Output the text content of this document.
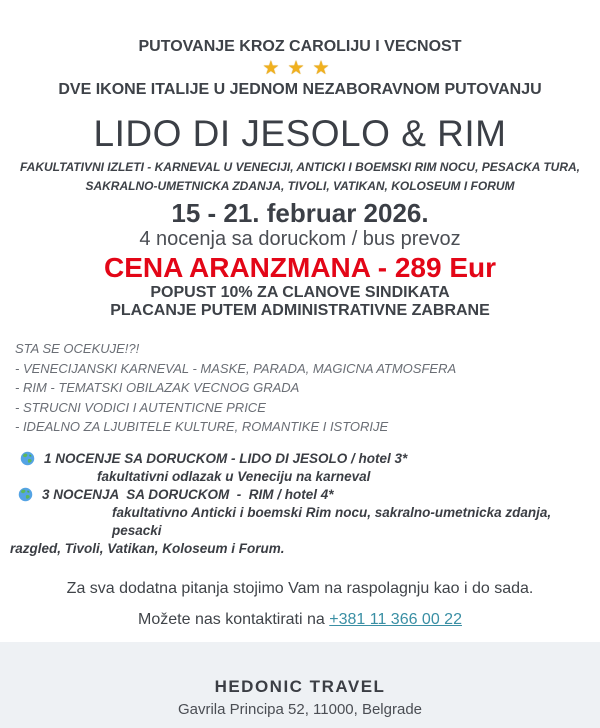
PUTOVANJE KROZ CAROLIJU I VECNOST
★★★
DVE IKONE ITALIJE U JEDNOM NEZABORAVNOM PUTOVANJU
LIDO DI JESOLO & RIM
FAKULTATIVNI IZLETI - KARNEVAL U VENECIJI, ANTICKI I BOEMSKI RIM NOCU, PESACKA TURA,
SAKRALNO-UMETNICKA ZDANJA, TIVOLI, VATIKAN, KOLOSEUM I FORUM
15 - 21. februar 2026.
4 nocenja sa doruckom / bus prevoz
CENA ARANZMANA - 289 Eur
POPUST 10% ZA CLANOVE SINDIKATA
PLACANJE PUTEM ADMINISTRATIVNE ZABRANE
STA SE OCEKUJE!?!
- VENECIJANSKI KARNEVAL - MASKE, PARADA, MAGICNA ATMOSFERA
- RIM - TEMATSKI OBILAZAK VECNOG GRADA
- STRUCNI VODICI I AUTENTICNE PRICE
- IDEALNO ZA LJUBITELE KULTURE, ROMANTIKE I ISTORIJE
1 NOCENJE SA DORUCKOM - LIDO DI JESOLO / hotel 3*
fakultativni odlazak u Veneciju na karneval
3 NOCENJA  SA DORUCKOM  -  RIM / hotel 4*
fakultativno Anticki i boemski Rim nocu, sakralno-umetnicka zdanja, pesacki
razgled, Tivoli, Vatikan, Koloseum i Forum.
Za sva dodatna pitanja stojimo Vam na raspolagnju kao i do sada.
Možete nas kontaktirati na +381 11 366 00 22
HEDONIC TRAVEL
Gavrila Principa 52, 11000, Belgrade
